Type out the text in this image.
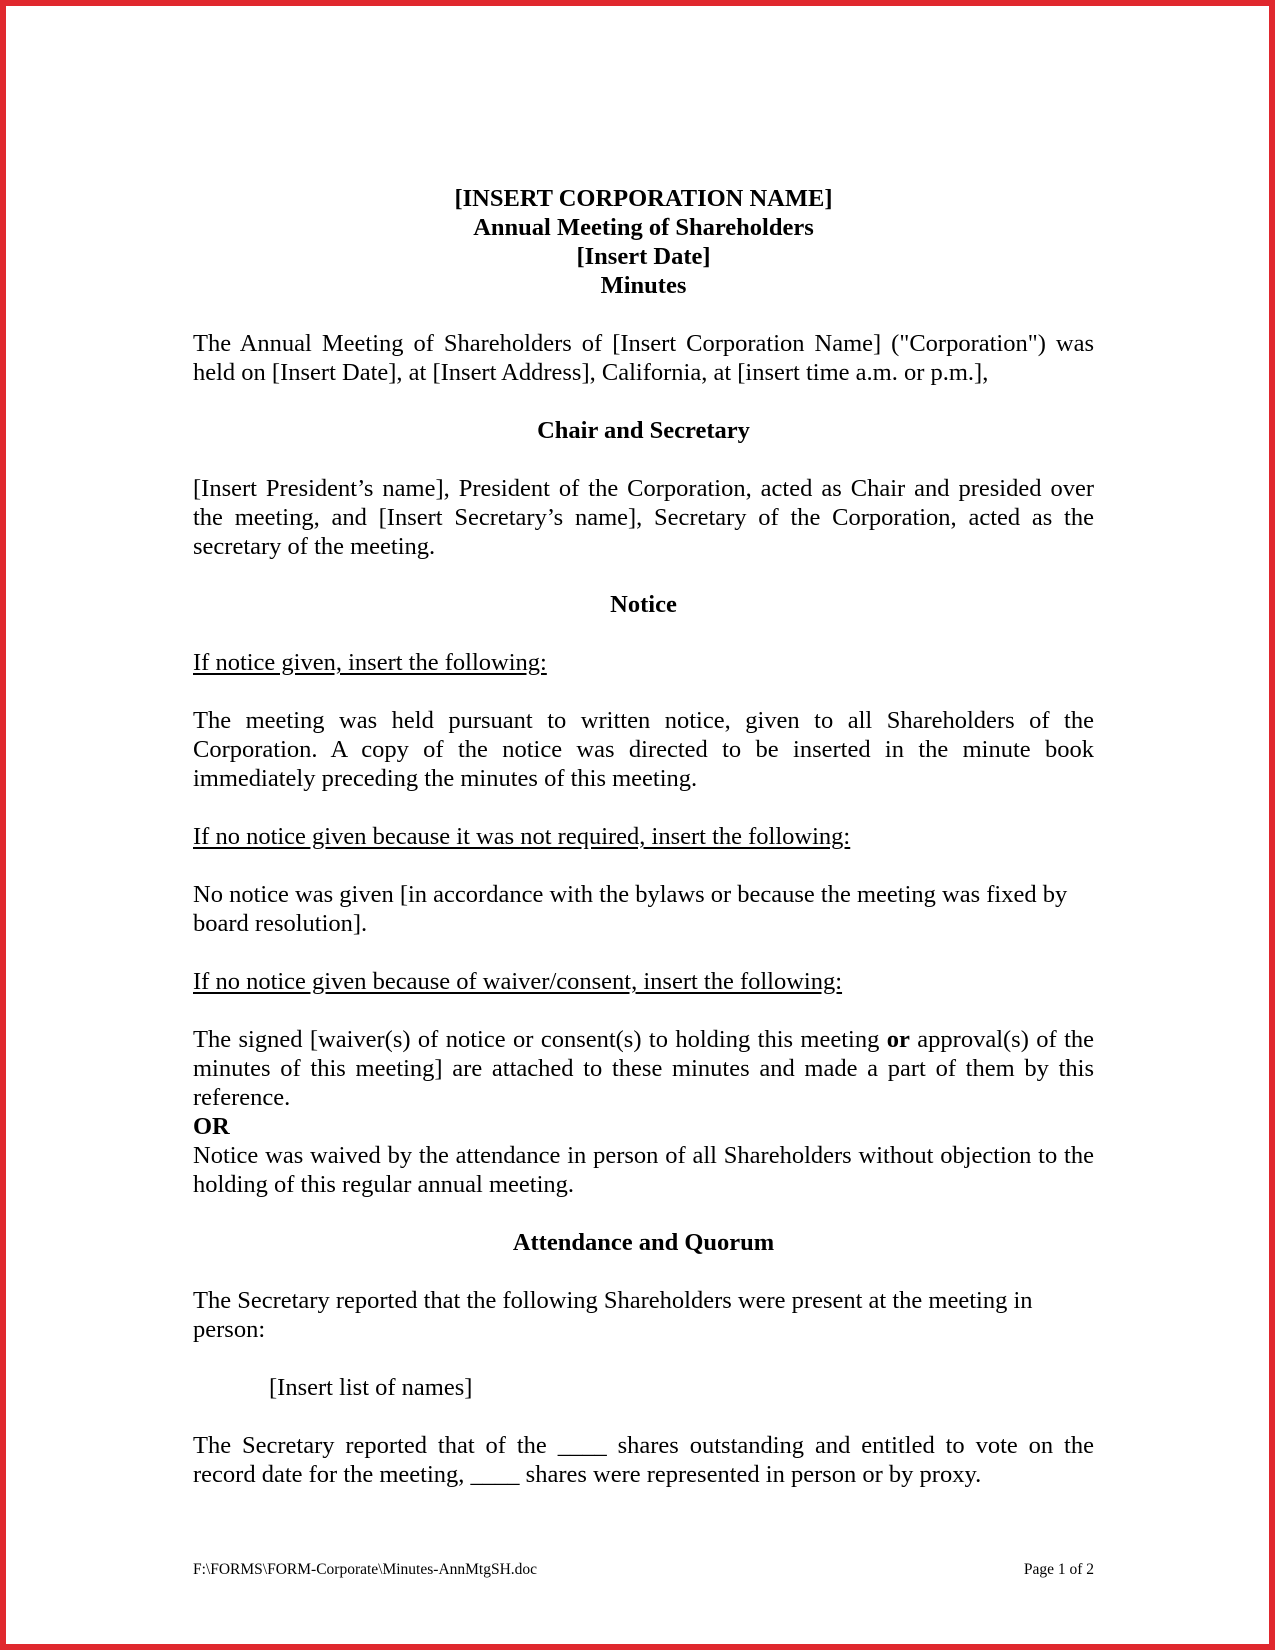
[INSERT CORPORATION NAME]
Annual Meeting of Shareholders
[Insert Date]
Minutes

The Annual Meeting of Shareholders of [Insert Corporation Name] ("Corporation") was held on [Insert Date], at [Insert Address], California, at [insert time a.m. or p.m.],

Chair and Secretary

[Insert President’s name], President of the Corporation, acted as Chair and presided over the meeting, and [Insert Secretary’s name], Secretary of the Corporation, acted as the secretary of the meeting.

Notice

If notice given, insert the following:

The meeting was held pursuant to written notice, given to all Shareholders of the Corporation. A copy of the notice was directed to be inserted in the minute book immediately preceding the minutes of this meeting.

If no notice given because it was not required, insert the following:

No notice was given [in accordance with the bylaws or because the meeting was fixed by board resolution].

If no notice given because of waiver/consent, insert the following:

The signed [waiver(s) of notice or consent(s) to holding this meeting or approval(s) of the minutes of this meeting] are attached to these minutes and made a part of them by this reference.

OR

Notice was waived by the attendance in person of all Shareholders without objection to the holding of this regular annual meeting.

Attendance and Quorum

The Secretary reported that the following Shareholders were present at the meeting in person:

[Insert list of names]

The Secretary reported that of the ____ shares outstanding and entitled to vote on the record date for the meeting, ____ shares were represented in person or by proxy.

F:\FORMS\FORM-Corporate\Minutes-AnnMtgSH.doc	Page 1 of 2
